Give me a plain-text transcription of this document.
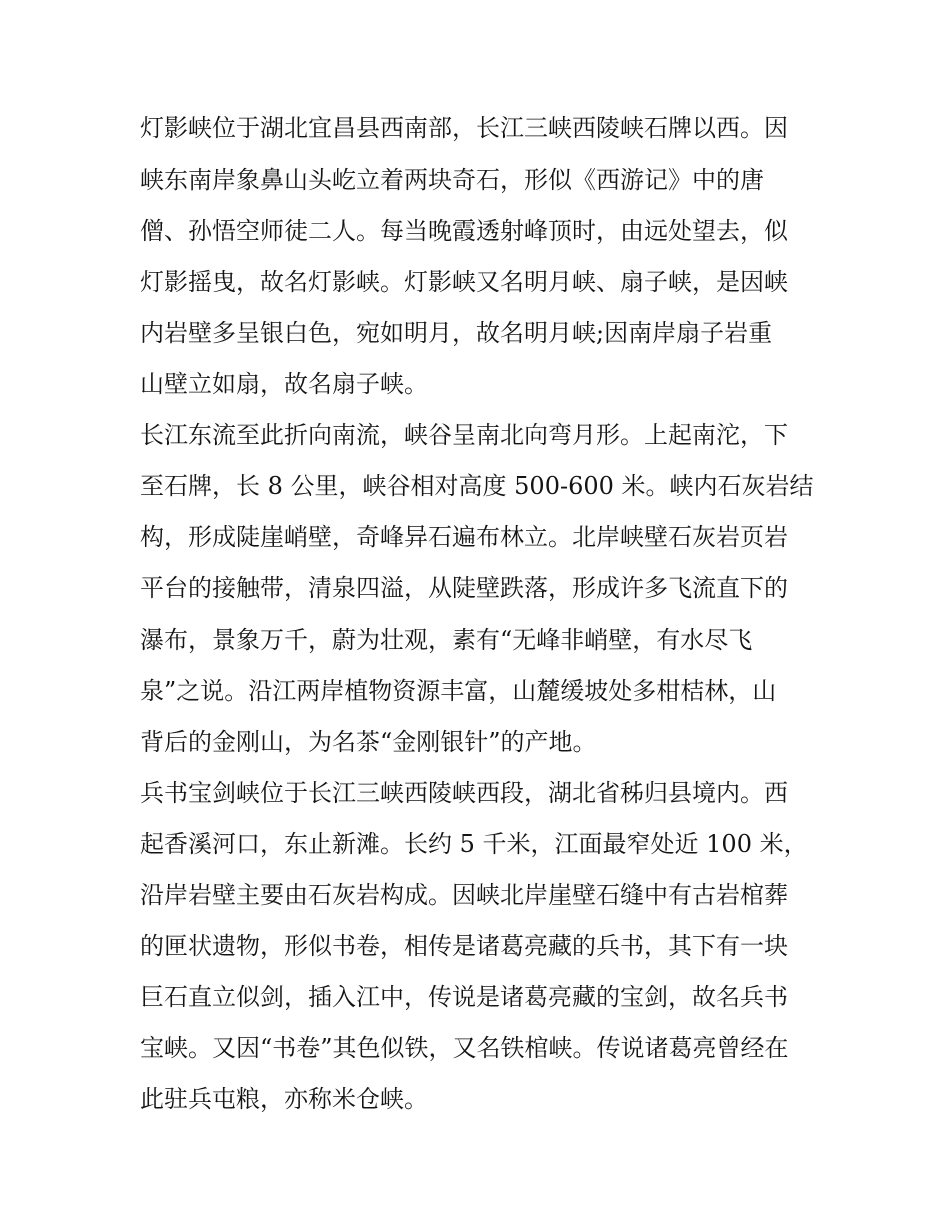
灯影峡位于湖北宜昌县西南部，长江三峡西陵峡石牌以西。因
峡东南岸象鼻山头屹立着两块奇石，形似《西游记》中的唐
僧、孙悟空师徒二人。每当晚霞透射峰顶时，由远处望去，似
灯影摇曳，故名灯影峡。灯影峡又名明月峡、扇子峡，是因峡
内岩壁多呈银白色，宛如明月，故名明月峡;因南岸扇子岩重
山壁立如扇，故名扇子峡。
长江东流至此折向南流，峡谷呈南北向弯月形。上起南沱，下
至石牌，长 8 公里，峡谷相对高度 500-600 米。峡内石灰岩结
构，形成陡崖峭壁，奇峰异石遍布林立。北岸峡壁石灰岩页岩
平台的接触带，清泉四溢，从陡壁跌落，形成许多飞流直下的
瀑布，景象万千，蔚为壮观，素有“无峰非峭壁，有水尽飞
泉”之说。沿江两岸植物资源丰富，山麓缓坡处多柑桔林，山
背后的金刚山，为名茶“金刚银针”的产地。
兵书宝剑峡位于长江三峡西陵峡西段，湖北省秭归县境内。西
起香溪河口，东止新滩。长约 5 千米，江面最窄处近 100 米，
沿岸岩壁主要由石灰岩构成。因峡北岸崖壁石缝中有古岩棺葬
的匣状遗物，形似书卷，相传是诸葛亮藏的兵书，其下有一块
巨石直立似剑，插入江中，传说是诸葛亮藏的宝剑，故名兵书
宝峡。又因“书卷”其色似铁，又名铁棺峡。传说诸葛亮曾经在
此驻兵屯粮，亦称米仓峡。
